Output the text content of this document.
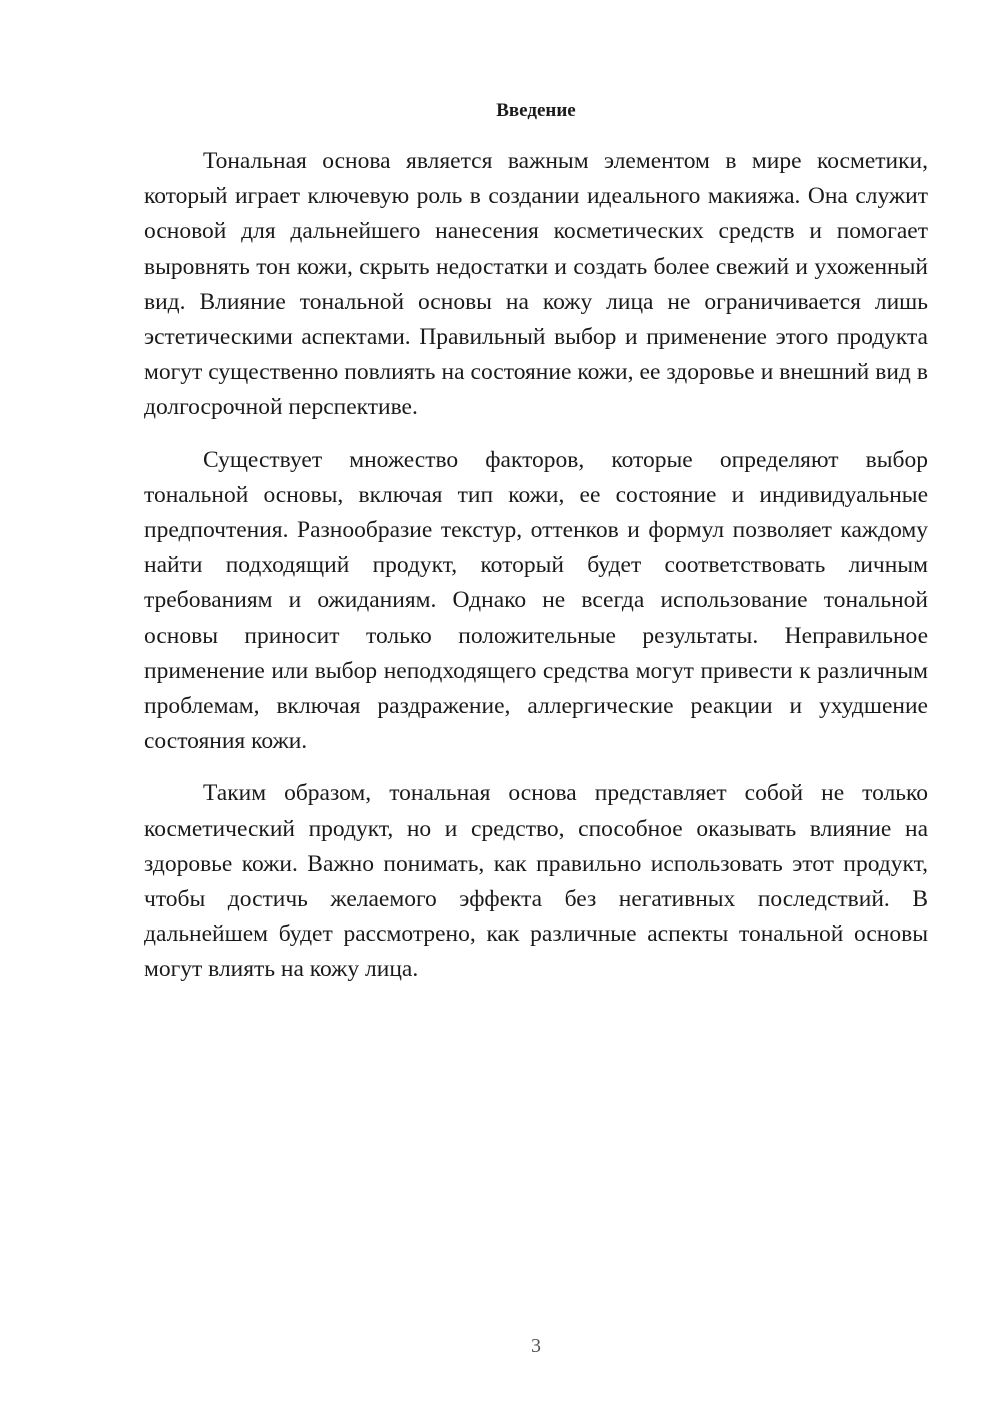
Введение

Тональная основа является важным элементом в мире косметики, который играет ключевую роль в создании идеального макияжа. Она служит основой для дальнейшего нанесения косметических средств и помогает выровнять тон кожи, скрыть недостатки и создать более свежий и ухоженный вид. Влияние тональной основы на кожу лица не ограничивается лишь эстетическими аспектами. Правильный выбор и применение этого продукта могут существенно повлиять на состояние кожи, ее здоровье и внешний вид в долгосрочной перспективе.

Существует множество факторов, которые определяют выбор тональной основы, включая тип кожи, ее состояние и индивидуальные предпочтения. Разнообразие текстур, оттенков и формул позволяет каждому найти подходящий продукт, который будет соответствовать личным требованиям и ожиданиям. Однако не всегда использование тональной основы приносит только положительные результаты. Неправильное применение или выбор неподходящего средства могут привести к различным проблемам, включая раздражение, аллергические реакции и ухудшение состояния кожи.

Таким образом, тональная основа представляет собой не только косметический продукт, но и средство, способное оказывать влияние на здоровье кожи. Важно понимать, как правильно использовать этот продукт, чтобы достичь желаемого эффекта без негативных последствий. В дальнейшем будет рассмотрено, как различные аспекты тональной основы могут влиять на кожу лица.

3
